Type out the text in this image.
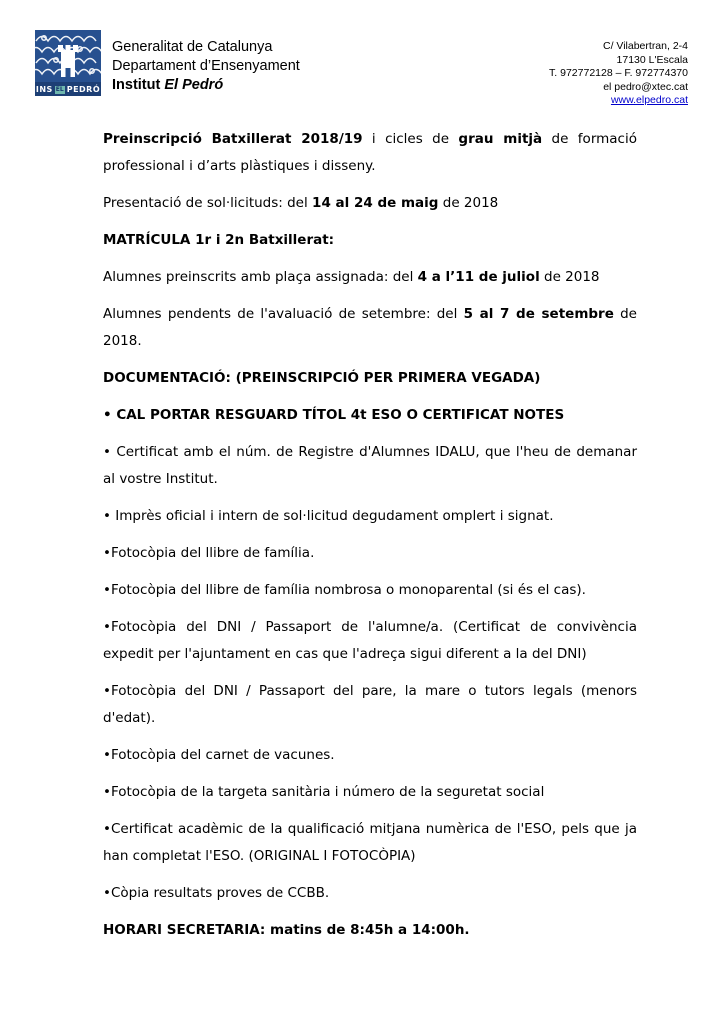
INS EL PEDRÓ
Generalitat de Catalunya
Departament d’Ensenyament
Institut El Pedró
C/ Vilabertran, 2-4
17130 L'Escala
T. 972772128 – F. 972774370
el pedro@xtec.cat
www.elpedro.cat

Preinscripció Batxillerat 2018/19 i cicles de grau mitjà de formació professional i d’arts plàstiques i disseny.

Presentació de sol·licituds: del 14 al 24 de maig de 2018

MATRÍCULA 1r i 2n Batxillerat:

Alumnes preinscrits amb plaça assignada: del 4 a l’11 de juliol de 2018

Alumnes pendents de l'avaluació de setembre: del 5 al 7 de setembre de 2018.

DOCUMENTACIÓ: (PREINSCRIPCIÓ PER PRIMERA VEGADA)

• CAL PORTAR RESGUARD TÍTOL 4t ESO O CERTIFICAT NOTES

• Certificat amb el núm. de Registre d'Alumnes IDALU, que l'heu de demanar al vostre Institut.

• Imprès oficial i intern de sol·licitud degudament omplert i signat.

•Fotocòpia del llibre de família.

•Fotocòpia del llibre de família nombrosa o monoparental (si és el cas).

•Fotocòpia del DNI / Passaport de l'alumne/a. (Certificat de convivència expedit per l'ajuntament en cas que l'adreça sigui diferent a la del DNI)

•Fotocòpia del DNI / Passaport del pare, la mare o tutors legals (menors d'edat).

•Fotocòpia del carnet de vacunes.

•Fotocòpia de la targeta sanitària i número de la seguretat social

•Certificat acadèmic de la qualificació mitjana numèrica de l'ESO, pels que ja han completat l'ESO. (ORIGINAL I FOTOCÒPIA)

•Còpia resultats proves de CCBB.

HORARI SECRETARIA: matins de 8:45h a 14:00h.
